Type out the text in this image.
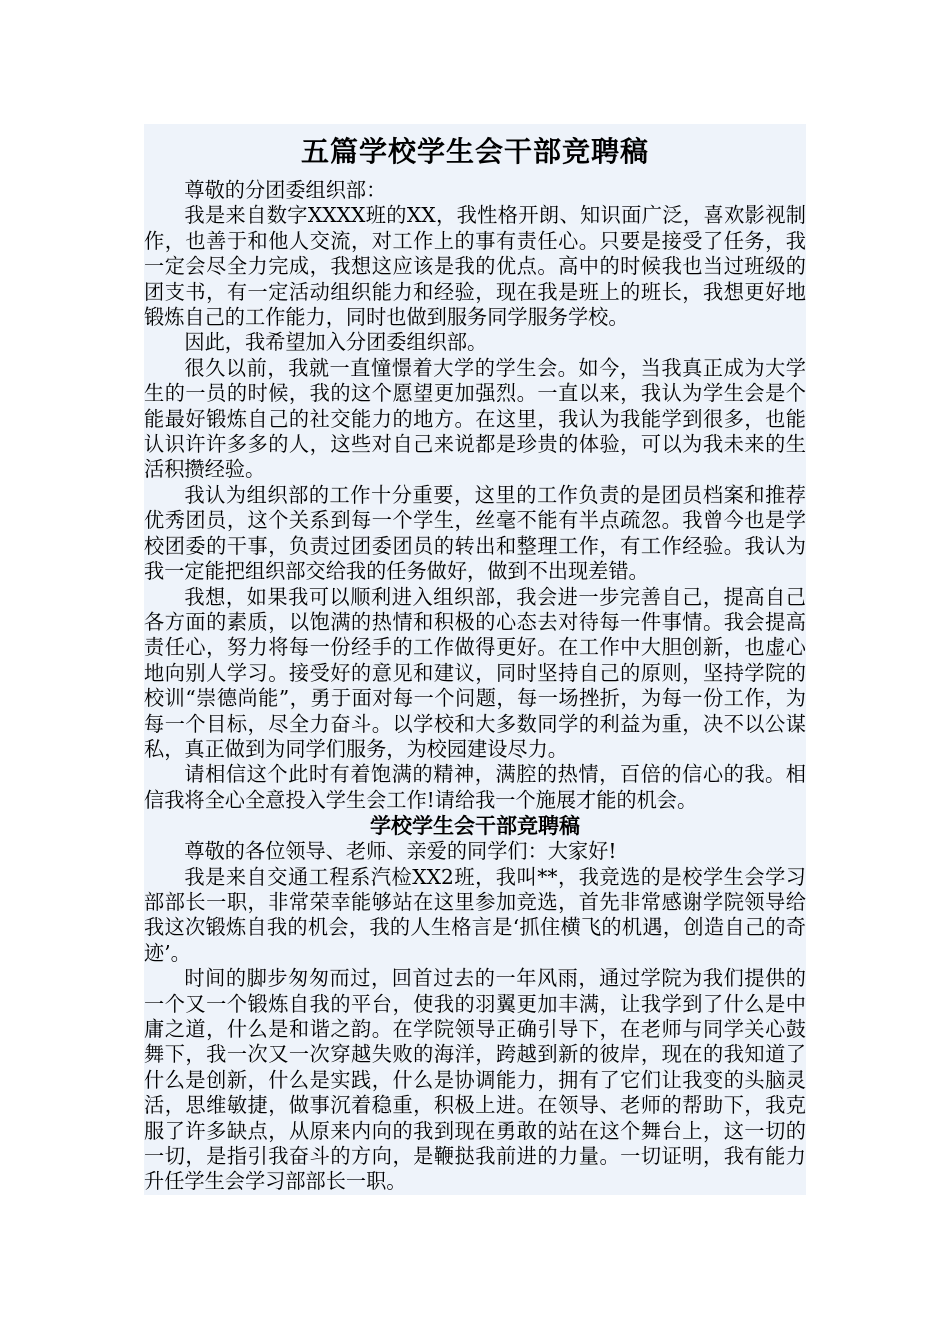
五篇学校学生会干部竞聘稿

尊敬的分团委组织部：

我是来自数字XXXX班的XX，我性格开朗、知识面广泛，喜欢影视制作，也善于和他人交流，对工作上的事有责任心。只要是接受了任务，我一定会尽全力完成，我想这应该是我的优点。高中的时候我也当过班级的团支书，有一定活动组织能力和经验，现在我是班上的班长，我想更好地锻炼自己的工作能力，同时也做到服务同学服务学校。

因此，我希望加入分团委组织部。

很久以前，我就一直憧憬着大学的学生会。如今，当我真正成为大学生的一员的时候，我的这个愿望更加强烈。一直以来，我认为学生会是个能最好锻炼自己的社交能力的地方。在这里，我认为我能学到很多，也能认识许许多多的人，这些对自己来说都是珍贵的体验，可以为我未来的生活积攒经验。

我认为组织部的工作十分重要，这里的工作负责的是团员档案和推荐优秀团员，这个关系到每一个学生，丝毫不能有半点疏忽。我曾今也是学校团委的干事，负责过团委团员的转出和整理工作，有工作经验。我认为我一定能把组织部交给我的任务做好，做到不出现差错。

我想，如果我可以顺利进入组织部，我会进一步完善自己，提高自己各方面的素质，以饱满的热情和积极的心态去对待每一件事情。我会提高责任心，努力将每一份经手的工作做得更好。在工作中大胆创新，也虚心地向别人学习。接受好的意见和建议，同时坚持自己的原则，坚持学院的校训“崇德尚能”，勇于面对每一个问题，每一场挫折，为每一份工作，为每一个目标，尽全力奋斗。以学校和大多数同学的利益为重，决不以公谋私，真正做到为同学们服务，为校园建设尽力。

请相信这个此时有着饱满的精神，满腔的热情，百倍的信心的我。相信我将全心全意投入学生会工作!请给我一个施展才能的机会。

学校学生会干部竞聘稿

尊敬的各位领导、老师、亲爱的同学们：大家好!

我是来自交通工程系汽检XX2班，我叫**，我竞选的是校学生会学习部部长一职，非常荣幸能够站在这里参加竞选，首先非常感谢学院领导给我这次锻炼自我的机会，我的人生格言是‘抓住横飞的机遇，创造自己的奇迹’。

时间的脚步匆匆而过，回首过去的一年风雨，通过学院为我们提供的一个又一个锻炼自我的平台，使我的羽翼更加丰满，让我学到了什么是中庸之道，什么是和谐之韵。在学院领导正确引导下，在老师与同学关心鼓舞下，我一次又一次穿越失败的海洋，跨越到新的彼岸，现在的我知道了什么是创新，什么是实践，什么是协调能力，拥有了它们让我变的头脑灵活，思维敏捷，做事沉着稳重，积极上进。在领导、老师的帮助下，我克服了许多缺点，从原来内向的我到现在勇敢的站在这个舞台上，这一切的一切，是指引我奋斗的方向，是鞭挞我前进的力量。一切证明，我有能力升任学生会学习部部长一职。
